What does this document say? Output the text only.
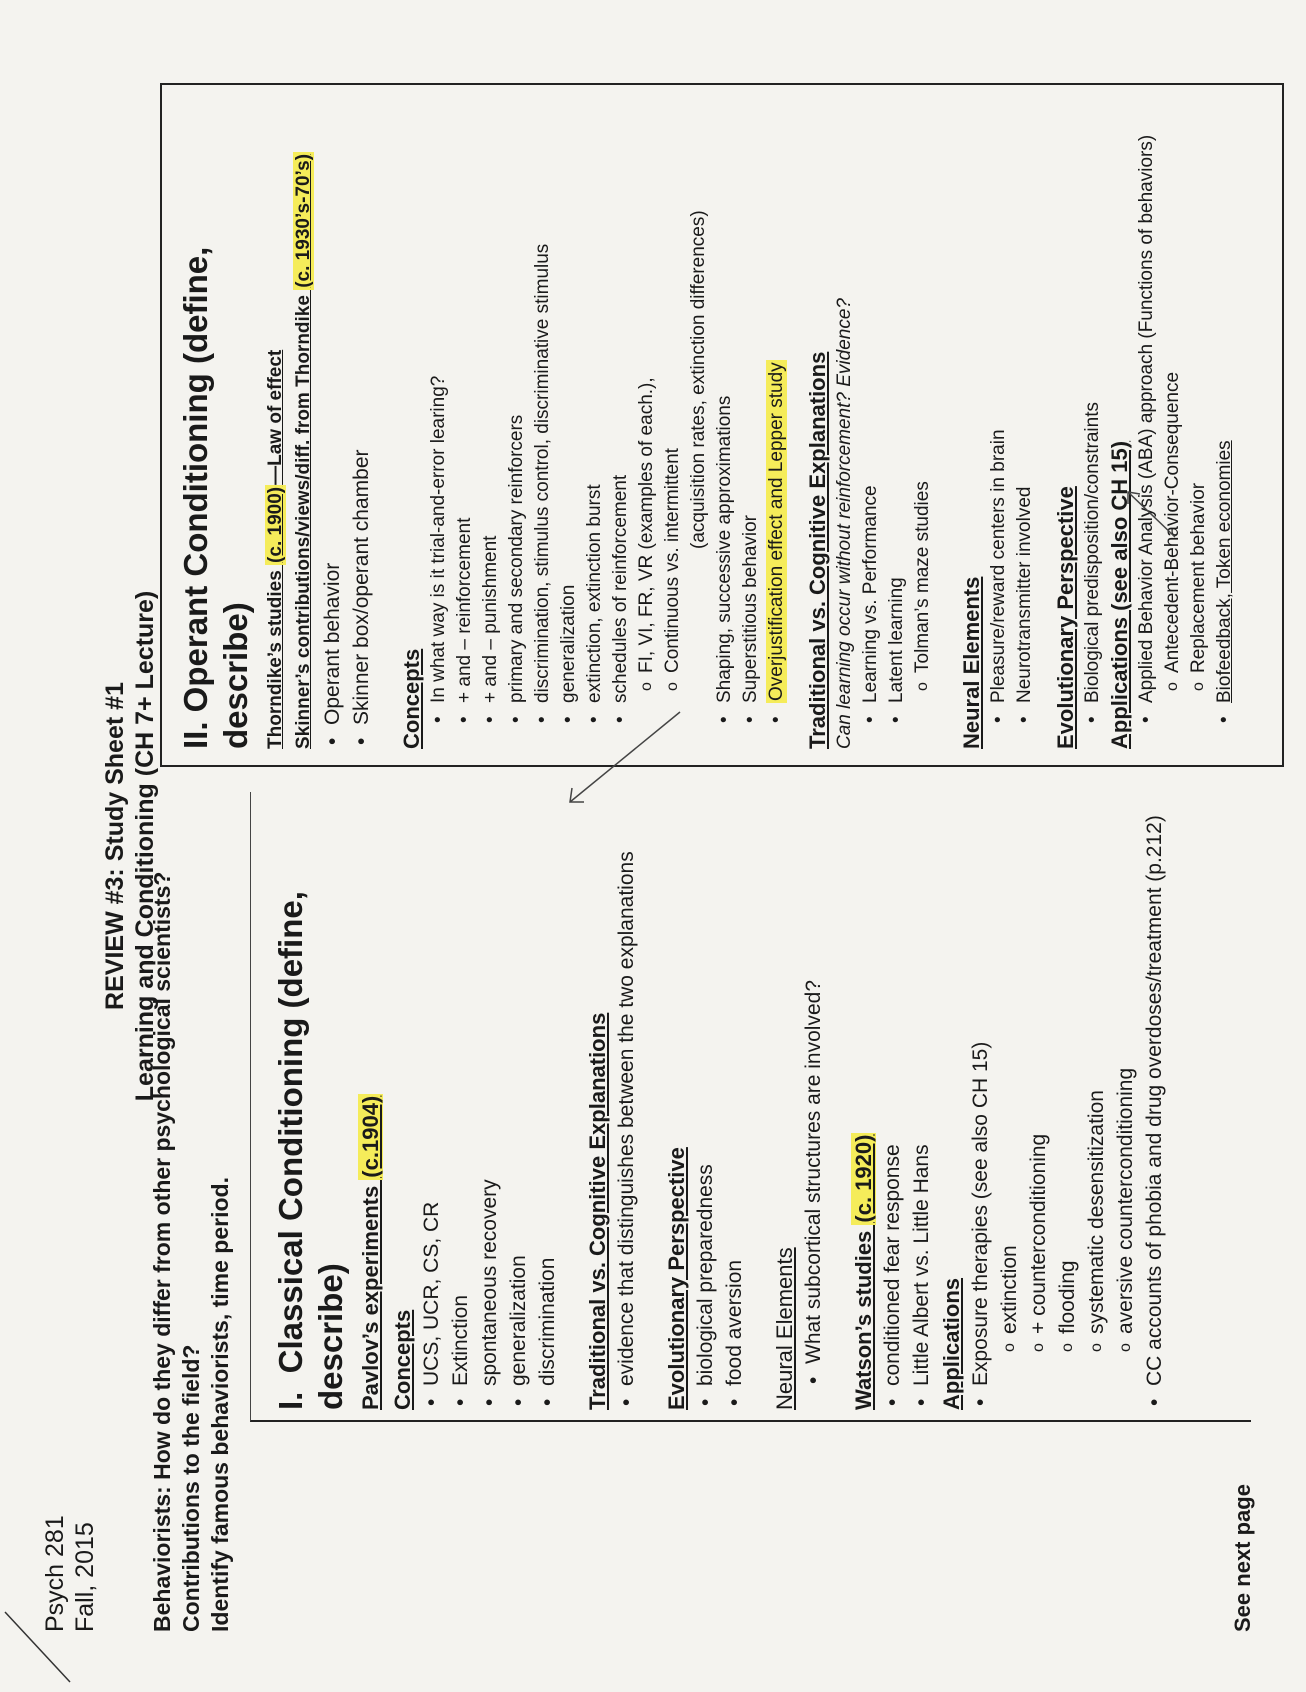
Psych 281 Fall, 2015
REVIEW #3: Study Sheet #1 Learning and Conditioning (CH 7+ Lecture)
Behaviorists: How do they differ from other psychological scientists? Contributions to the field? Identify famous behaviorists, time period. I.  Classical Conditioning (define, describe) Pavlov’s experiments (c.1904)
Concepts • UCS, UCR, CS, CR • Extinction • spontaneous recovery • generalization • discrimination Traditional vs. Cognitive Explanations • evidence that distinguishes between the two explanations Evolutionary Perspective • biological preparedness • food aversion Neural Elements • What subcortical structures are involved? Watson’s studies (c. 1920) • conditioned fear response • Little Albert vs. Little Hans Applications • Exposure therapies (see also CH 15) o extinction o + counterconditioning o flooding o systematic desensitization o aversive counterconditioning • CC accounts of phobia and drug overdoses/treatment (p.212)
II. Operant Conditioning (define, describe) Thorndike’s studies (c. 1900)—Law of effect Skinner’s contributions/views/diff. from Thorndike (c. 1930’s-70’s)
• Operant behavior • Skinner box/operant chamber Concepts • In what way is it trial-and-error learing? • + and – reinforcement • + and – punishment • primary and secondary reinforcers • discrimination, stimulus control, discriminative stimulus • generalization • extinction, extinction burst • schedules of reinforcement o FI, VI, FR, VR (examples of each.), o Continuous vs. intermittent
(acquisition rates, extinction differences)
• Shaping, successive approximations • Superstitious behavior • Overjustification effect and Lepper study Traditional vs. Cognitive Explanations Can learning occur without reinforcement? Evidence? • Learning vs. Performance • Latent learning o Tolman’s maze studies Neural Elements • Pleasure/reward centers in brain • Neurotransmitter involved Evolutionary Perspective • Biological predisposition/constraints Applications (see also CH 15) • Applied Behavior Analysis (ABA) approach (Functions of behaviors) o Antecedent-Behavior-Consequence o Replacement behavior • Biofeedback, Token economies
See next page
